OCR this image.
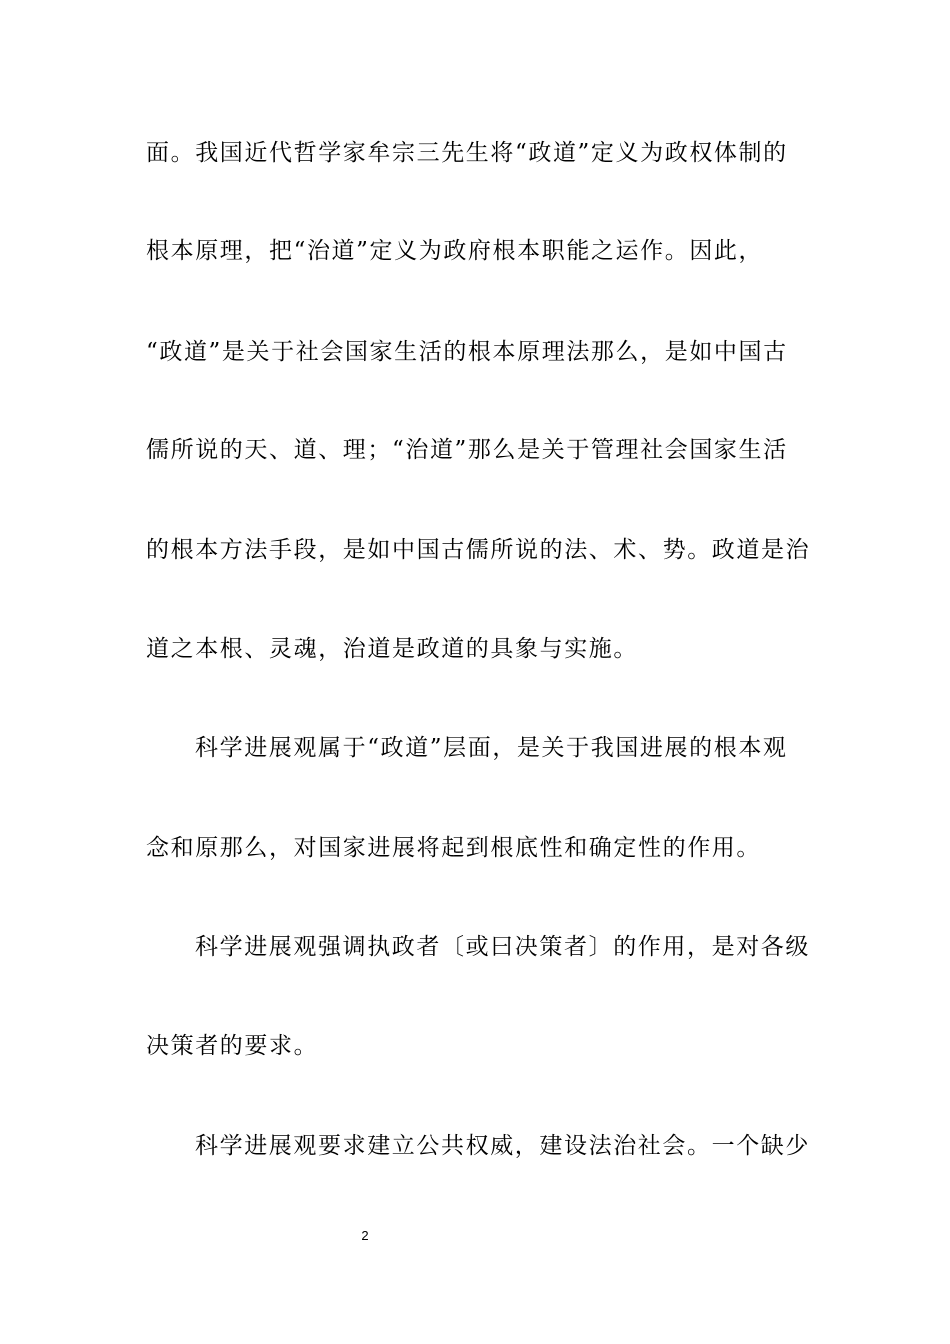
面。我国近代哲学家牟宗三先生将“政道”定义为政权体制的
根本原理，把“治道”定义为政府根本职能之运作。因此，
“政道”是关于社会国家生活的根本原理法那么，是如中国古
儒所说的天、道、理；“治道”那么是关于管理社会国家生活
的根本方法手段，是如中国古儒所说的法、术、势。政道是治
道之本根、灵魂，治道是政道的具象与实施。
科学进展观属于“政道”层面，是关于我国进展的根本观
念和原那么，对国家进展将起到根底性和确定性的作用。
科学进展观强调执政者〔或曰决策者〕的作用，是对各级
决策者的要求。
科学进展观要求建立公共权威，建设法治社会。一个缺少
2
